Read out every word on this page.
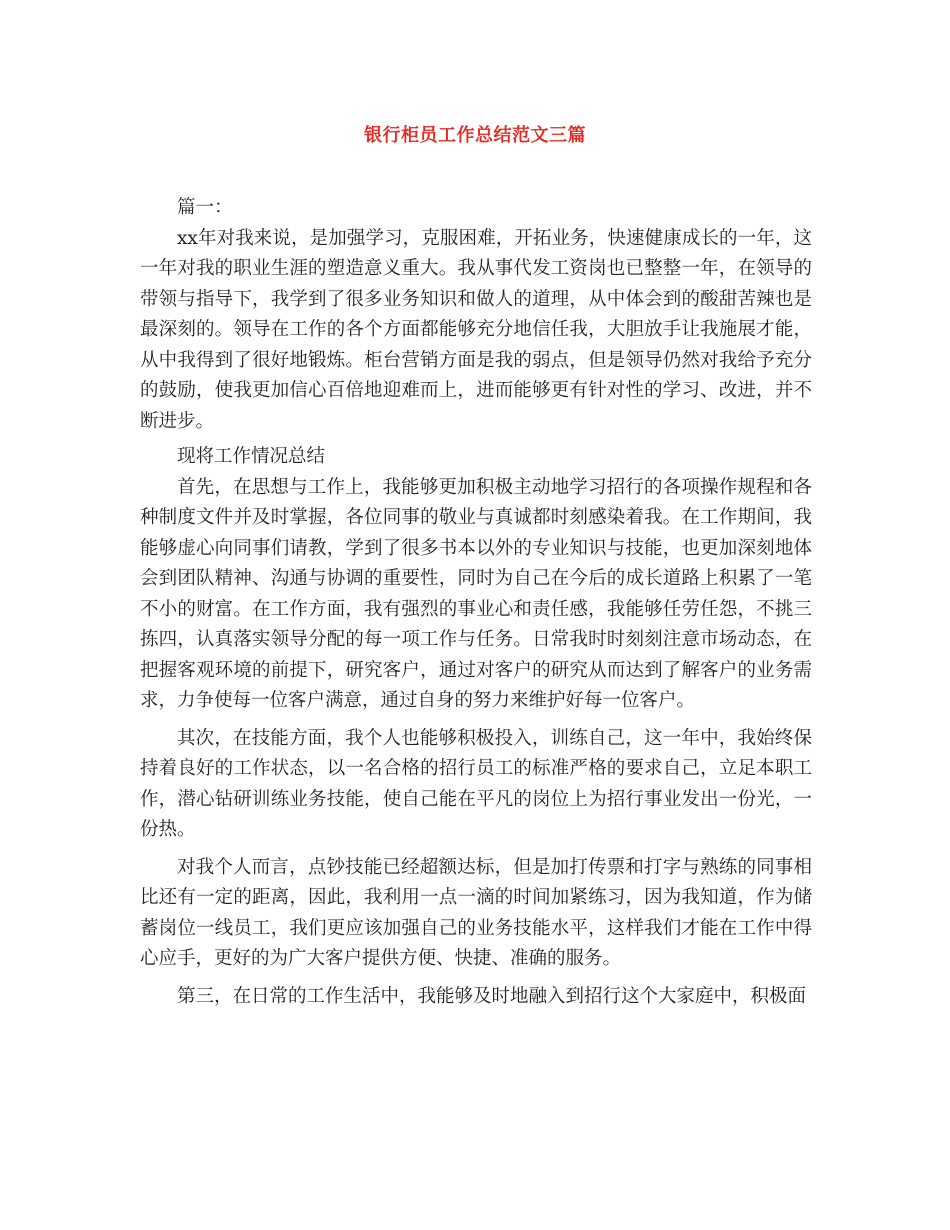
银行柜员工作总结范文三篇

篇一：

xx年对我来说，是加强学习，克服困难，开拓业务，快速健康成长的一年，这一年对我的职业生涯的塑造意义重大。我从事代发工资岗也已整整一年，在领导的带领与指导下，我学到了很多业务知识和做人的道理，从中体会到的酸甜苦辣也是最深刻的。领导在工作的各个方面都能够充分地信任我，大胆放手让我施展才能，从中我得到了很好地锻炼。柜台营销方面是我的弱点，但是领导仍然对我给予充分的鼓励，使我更加信心百倍地迎难而上，进而能够更有针对性的学习、改进，并不断进步。

现将工作情况总结

首先，在思想与工作上，我能够更加积极主动地学习招行的各项操作规程和各种制度文件并及时掌握，各位同事的敬业与真诚都时刻感染着我。在工作期间，我能够虚心向同事们请教，学到了很多书本以外的专业知识与技能，也更加深刻地体会到团队精神、沟通与协调的重要性，同时为自己在今后的成长道路上积累了一笔不小的财富。在工作方面，我有强烈的事业心和责任感，我能够任劳任怨，不挑三拣四，认真落实领导分配的每一项工作与任务。日常我时时刻刻注意市场动态，在把握客观环境的前提下，研究客户，通过对客户的研究从而达到了解客户的业务需求，力争使每一位客户满意，通过自身的努力来维护好每一位客户。

其次，在技能方面，我个人也能够积极投入，训练自己，这一年中，我始终保持着良好的工作状态，以一名合格的招行员工的标准严格的要求自己，立足本职工作，潜心钻研训练业务技能，使自己能在平凡的岗位上为招行事业发出一份光，一份热。

对我个人而言，点钞技能已经超额达标，但是加打传票和打字与熟练的同事相比还有一定的距离，因此，我利用一点一滴的时间加紧练习，因为我知道，作为储蓄岗位一线员工，我们更应该加强自己的业务技能水平，这样我们才能在工作中得心应手，更好的为广大客户提供方便、快捷、准确的服务。

第三，在日常的工作生活中，我能够及时地融入到招行这个大家庭中，积极面
